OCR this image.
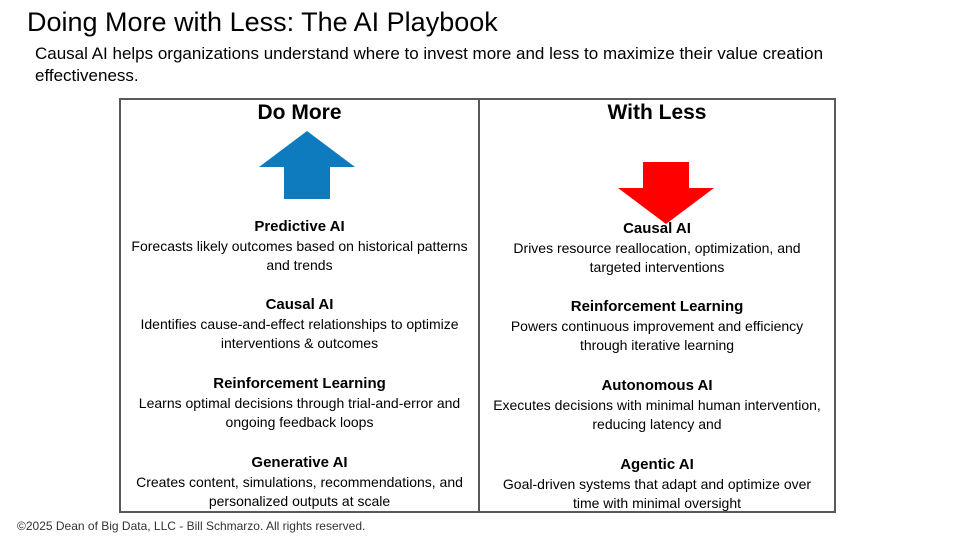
Doing More with Less: The AI Playbook
Causal AI helps organizations understand where to invest more and less to maximize their value creation effectiveness.
Do More
Predictive AI
Forecasts likely outcomes based on historical patterns and trends
Causal AI
Identifies cause-and-effect relationships to optimize interventions & outcomes
Reinforcement Learning
Learns optimal decisions through trial-and-error and ongoing feedback loops
Generative AI
Creates content, simulations, recommendations, and personalized outputs at scale
With Less
Causal AI
Drives resource reallocation, optimization, and targeted interventions
Reinforcement Learning
Powers continuous improvement and efficiency through iterative learning
Autonomous AI
Executes decisions with minimal human intervention, reducing latency and
Agentic AI
Goal-driven systems that adapt and optimize over time with minimal oversight
©2025 Dean of Big Data, LLC - Bill Schmarzo. All rights reserved.
